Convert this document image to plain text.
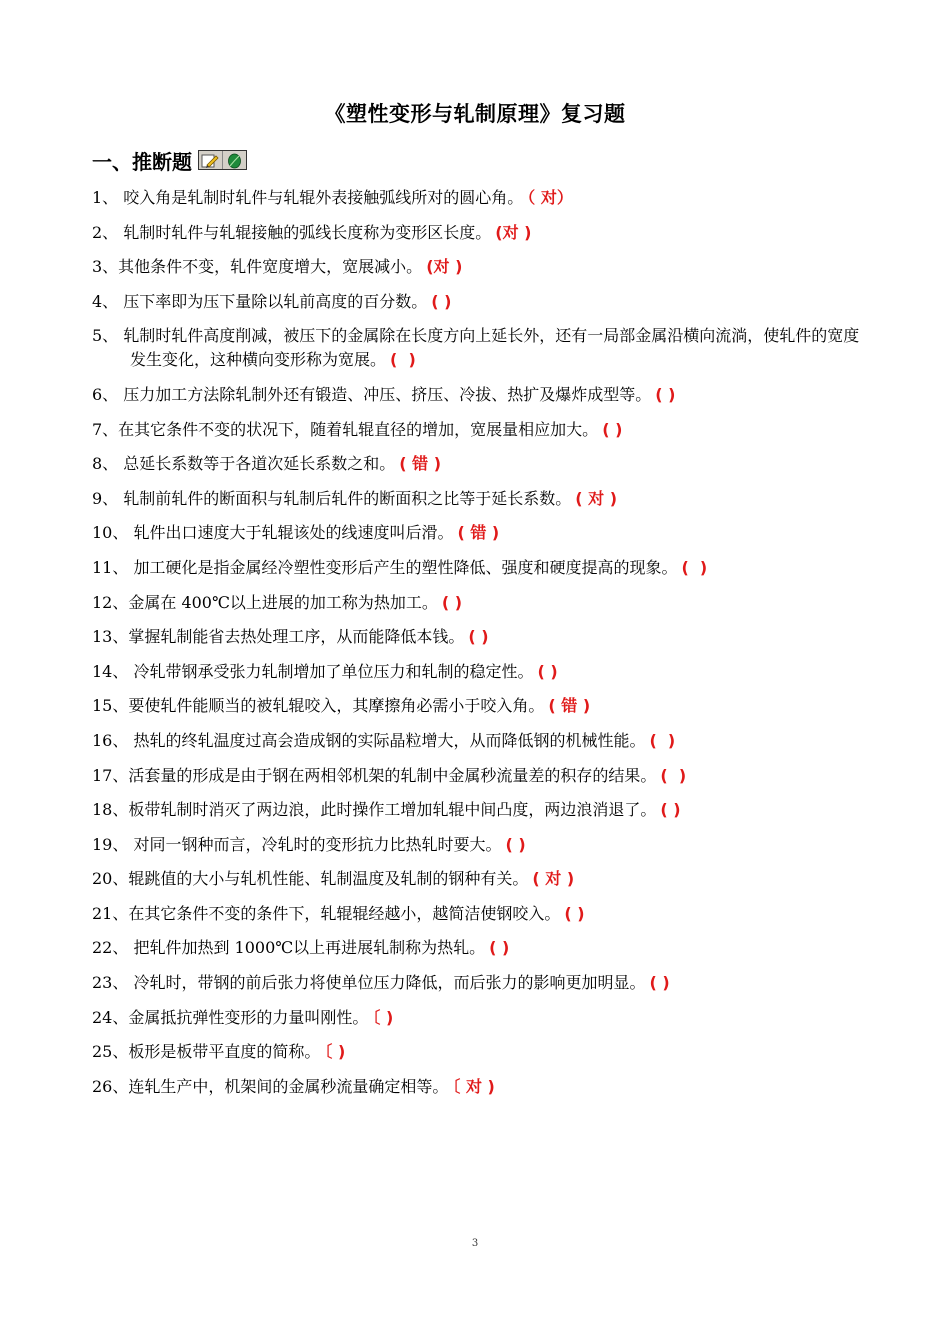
《塑性变形与轧制原理》复习题
一、推断题
1、 咬入角是轧制时轧件与轧辊外表接触弧线所对的圆心角。 （ 对）
2、 轧制时轧件与轧辊接触的弧线长度称为变形区长度。 (对 )
3、其他条件不变，轧件宽度增大，宽展减小。 (对 )
4、 压下率即为压下量除以轧前高度的百分数。 ( )
5、 轧制时轧件高度削减，被压下的金属除在长度方向上延长外，还有一局部金属沿横向流淌，使轧件的宽度发生变化，这种横向变形称为宽展。 (  )
6、 压力加工方法除轧制外还有锻造、冲压、挤压、冷拔、热扩及爆炸成型等。 ( )
7、在其它条件不变的状况下，随着轧辊直径的增加，宽展量相应加大。 ( )
8、 总延长系数等于各道次延长系数之和。 ( 错 )
9、 轧制前轧件的断面积与轧制后轧件的断面积之比等于延长系数。 ( 对 )
10、 轧件出口速度大于轧辊该处的线速度叫后滑。 ( 错 )
11、 加工硬化是指金属经冷塑性变形后产生的塑性降低、强度和硬度提高的现象。 (  )
12、金属在 400℃以上进展的加工称为热加工。 ( )
13、掌握轧制能省去热处理工序，从而能降低本钱。 ( )
14、 冷轧带钢承受张力轧制增加了单位压力和轧制的稳定性。 ( )
15、要使轧件能顺当的被轧辊咬入，其摩擦角必需小于咬入角。 ( 错 )
16、 热轧的终轧温度过高会造成钢的实际晶粒增大，从而降低钢的机械性能。 (  )
17、活套量的形成是由于钢在两相邻机架的轧制中金属秒流量差的积存的结果。 (  )
18、板带轧制时消灭了两边浪，此时操作工增加轧辊中间凸度，两边浪消退了。 ( )
19、 对同一钢种而言，冷轧时的变形抗力比热轧时要大。 ( )
20、辊跳值的大小与轧机性能、轧制温度及轧制的钢种有关。 ( 对 )
21、在其它条件不变的条件下，轧辊辊经越小，越简洁使钢咬入。 ( )
22、 把轧件加热到 1000℃以上再进展轧制称为热轧。 ( )
23、 冷轧时，带钢的前后张力将使单位压力降低，而后张力的影响更加明显。 ( )
24、金属抵抗弹性变形的力量叫刚性。 〔 )
25、板形是板带平直度的简称。 〔 )
26、连轧生产中，机架间的金属秒流量确定相等。 〔 对 )
3
